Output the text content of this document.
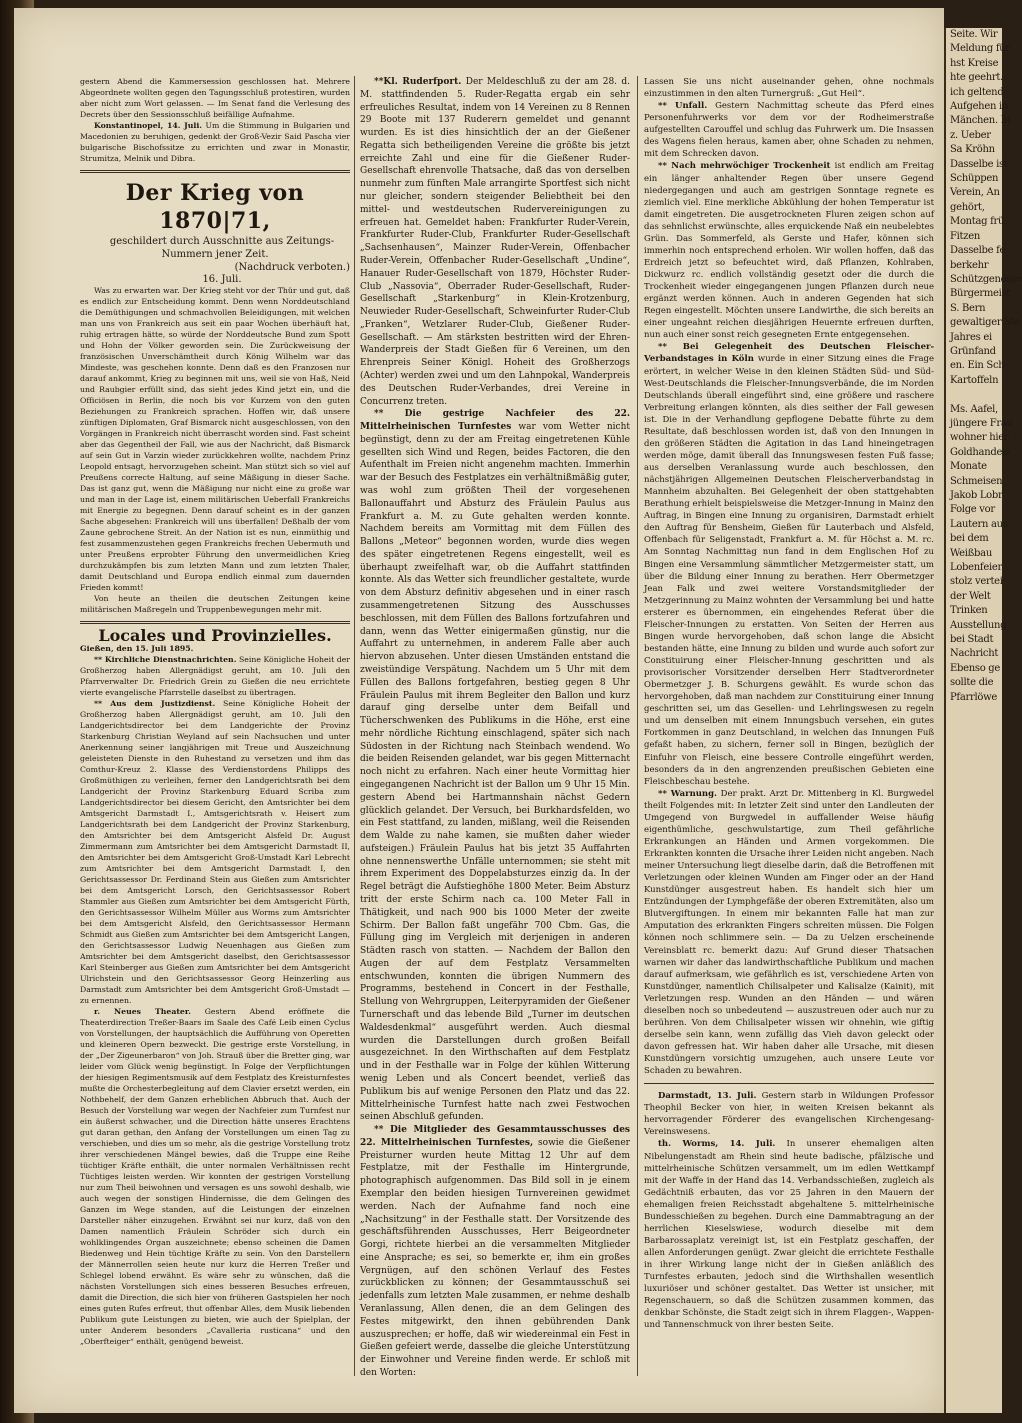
gestern Abend die Kammersession geschlossen hat. Mehrere Abgeordnete wollten gegen den Tagungsschluß protestiren, wurden aber nicht zum Wort gelassen. — Im Senat fand die Verlesung des Decrets über den Sessionsschluß beifällige Aufnahme.

Konstantinopel, 14. Juli. Um die Stimmung in Bulgarien und Macedonien zu beruhigen, gedenkt der Groß-Vezir Said Pascha vier bulgarische Bischofssitze zu errichten und zwar in Monastir, Strumitza, Melnik und Dibra.

Der Krieg von 1870|71,

geschildert durch Ausschnitte aus Zeitungs-Nummern jener Zeit.

(Nachdruck verboten.)

16. Juli.

Was zu erwarten war. Der Krieg steht vor der Thür und gut, daß es endlich zur Entscheidung kommt. Denn wenn Norddeutschland die Demüthigungen und schmachvollen Beleidigungen, mit welchen man uns von Frankreich aus seit ein paar Wochen überhäuft hat, ruhig ertragen hätte, so würde der Norddeutsche Bund zum Spott und Hohn der Völker geworden sein. Die Zurückweisung der französischen Unverschämtheit durch König Wilhelm war das Mindeste, was geschehen konnte. Denn daß es den Franzosen nur darauf ankommt, Krieg zu beginnen mit uns, weil sie von Haß, Neid und Raubgier erfüllt sind, das sieht jedes Kind jetzt ein, und die Officiösen in Berlin, die noch bis vor Kurzem von den guten Beziehungen zu Frankreich sprachen. Hoffen wir, daß unsere zünftigen Diplomaten, Graf Bismarck nicht ausgeschlossen, von den Vorgängen in Frankreich nicht überrascht worden sind. Fast scheint aber das Gegentheil der Fall, wie aus der Nachricht, daß Bismarck auf sein Gut in Varzin wieder zurückkehren wollte, nachdem Prinz Leopold entsagt, hervorzugehen scheint. Man stützt sich so viel auf Preußens correcte Haltung, auf seine Mäßigung in dieser Sache. Das ist ganz gut, wenn die Mäßigung nur nicht eine zu große war und man in der Lage ist, einem militärischen Ueberfall Frankreichs mit Energie zu begegnen. Denn darauf scheint es in der ganzen Sache abgesehen: Frankreich will uns überfallen! Deßhalb der vom Zaune gebrochene Streit. An der Nation ist es nun, einmüthig und fest zusammenzustehen gegen Frankreichs frechen Uebermuth und unter Preußens erprobter Führung den unvermeidlichen Krieg durchzukämpfen bis zum letzten Mann und zum letzten Thaler, damit Deutschland und Europa endlich einmal zum dauernden Frieden kommt!

Von heute an theilen die deutschen Zeitungen keine militärischen Maßregeln und Truppenbewegungen mehr mit.

Locales und Provinzielles.

Gießen, den 15. Juli 1895.

** Kirchliche Dienstnachrichten. Seine Königliche Hoheit der Großherzog haben Allergnädigst geruht, am 10. Juli den Pfarrverwalter Dr. Friedrich Grein zu Gießen die neu errichtete vierte evangelische Pfarrstelle daselbst zu übertragen.

** Aus dem Justizdienst. Seine Königliche Hoheit der Großherzog haben Allergnädigst geruht, am 10. Juli den Landgerichtsdirector bei dem Landgerichte der Provinz Starkenburg Christian Weyland auf sein Nachsuchen und unter Anerkennung seiner langjährigen mit Treue und Auszeichnung geleisteten Dienste in den Ruhestand zu versetzen und ihm das Comthur-Kreuz 2. Klasse des Verdienstordens Philipps des Großmüthigen zu verleihen, ferner den Landgerichtsrath bei dem Landgericht der Provinz Starkenburg Eduard Scriba zum Landgerichtsdirector bei diesem Gericht, den Amtsrichter bei dem Amtsgericht Darmstadt I., Amtsgerichtsrath v. Heisert zum Landgerichtsrath bei dem Landgericht der Provinz Starkenburg, den Amtsrichter bei dem Amtsgericht Alsfeld Dr. August Zimmermann zum Amtsrichter bei dem Amtsgericht Darmstadt II, den Amtsrichter bei dem Amtsgericht Groß-Umstadt Karl Lebrecht zum Amtsrichter bei dem Amtsgericht Darmstadt I, den Gerichtsassessor Dr. Ferdinand Stein aus Gießen zum Amtsrichter bei dem Amtsgericht Lorsch, den Gerichtsassessor Robert Stammler aus Gießen zum Amtsrichter bei dem Amtsgericht Fürth, den Gerichtsassessor Wilhelm Müller aus Worms zum Amtsrichter bei dem Amtsgericht Alsfeld, den Gerichtsassessor Hermann Schmidt aus Gießen zum Amtsrichter bei dem Amtsgericht Langen, den Gerichtsassessor Ludwig Neuenhagen aus Gießen zum Amtsrichter bei dem Amtsgericht daselbst, den Gerichtsassessor Karl Steinberger aus Gießen zum Amtsrichter bei dem Amtsgericht Ulrichstein und den Gerichtsassessor Georg Heinzerling aus Darmstadt zum Amtsrichter bei dem Amtsgericht Groß-Umstadt — zu ernennen.

r. Neues Theater. Gestern Abend eröffnete die Theaterdirection Treßer-Baars im Saale des Café Leib einen Cyclus von Vorstellungen, der hauptsächlich die Aufführung von Operetten und kleineren Opern bezweckt. Die gestrige erste Vorstellung, in der „Der Zigeunerbaron“ von Joh. Strauß über die Bretter ging, war leider vom Glück wenig begünstigt. In Folge der Verpflichtungen der hiesigen Regimentsmusik auf dem Festplatz des Kreisturnfestes mußte die Orchesterbegleitung auf dem Clavier ersetzt werden, ein Nothbehelf, der dem Ganzen erheblichen Abbruch that. Auch der Besuch der Vorstellung war wegen der Nachfeier zum Turnfest nur ein äußerst schwacher, und die Direction hätte unseres Erachtens gut daran gethan, den Anfang der Vorstellungen um einen Tag zu verschieben, und dies um so mehr, als die gestrige Vorstellung trotz ihrer verschiedenen Mängel bewies, daß die Truppe eine Reihe tüchtiger Kräfte enthält, die unter normalen Verhältnissen recht Tüchtiges leisten werden. Wir konnten der gestrigen Vorstellung nur zum Theil beiwohnen und versagen es uns sowohl deshalb, wie auch wegen der sonstigen Hindernisse, die dem Gelingen des Ganzen im Wege standen, auf die Leistungen der einzelnen Darsteller näher einzugehen. Erwähnt sei nur kurz, daß von den Damen namentlich Fräulein Schröder sich durch ein wohlklingendes Organ auszeichnete; ebenso scheinen die Damen Biedenweg und Hein tüchtige Kräfte zu sein. Von den Darstellern der Männerrollen seien heute nur kurz die Herren Treßer und Schlegel lobend erwähnt. Es wäre sehr zu wünschen, daß die nächsten Vorstellungen sich eines besseren Besuches erfreuen, damit die Direction, die sich hier von früheren Gastspielen her noch eines guten Rufes erfreut, thut offenbar Alles, dem Musik liebenden Publikum gute Leistungen zu bieten, wie auch der Spielplan, der unter Anderem besonders „Cavalleria rusticana“ und den „Oberfteiger“ enthält, genügend beweist.

**Kl. Ruderfport. Der Meldeschluß zu der am 28. d. M. stattfindenden 5. Ruder-Regatta ergab ein sehr erfreuliches Resultat, indem von 14 Vereinen zu 8 Rennen 29 Boote mit 137 Ruderern gemeldet und genannt wurden. Es ist dies hinsichtlich der an der Gießener Regatta sich betheiligenden Vereine die größte bis jetzt erreichte Zahl und eine für die Gießener Ruder-Gesellschaft ehrenvolle Thatsache, daß das von derselben nunmehr zum fünften Male arrangirte Sportfest sich nicht nur gleicher, sondern steigender Beliebtheit bei den mittel- und westdeutschen Rudervereinigungen zu erfreuen hat. Gemeldet haben: Frankfurter Ruder-Verein, Frankfurter Ruder-Club, Frankfurter Ruder-Gesellschaft „Sachsenhausen“, Mainzer Ruder-Verein, Offenbacher Ruder-Verein, Offenbacher Ruder-Gesellschaft „Undine“, Hanauer Ruder-Gesellschaft von 1879, Höchster Ruder-Club „Nassovia“, Oberrader Ruder-Gesellschaft, Ruder-Gesellschaft „Starkenburg“ in Klein-Krotzenburg, Neuwieder Ruder-Gesellschaft, Schweinfurter Ruder-Club „Franken“, Wetzlarer Ruder-Club, Gießener Ruder-Gesellschaft. — Am stärksten bestritten wird der Ehren-Wanderpreis der Stadt Gießen für 6 Vereinen, um den Ehrenpreis Seiner Königl. Hoheit des Großherzogs (Achter) werden zwei und um den Lahnpokal, Wanderpreis des Deutschen Ruder-Verbandes, drei Vereine in Concurrenz treten.

** Die gestrige Nachfeier des 22. Mittelrheinischen Turnfestes war vom Wetter nicht begünstigt, denn zu der am Freitag eingetretenen Kühle gesellten sich Wind und Regen, beides Factoren, die den Aufenthalt im Freien nicht angenehm machten. Immerhin war der Besuch des Festplatzes ein verhältnißmäßig guter, was wohl zum größten Theil der vorgesehenen Ballonauffahrt und Absturz des Fräulein Paulus aus Frankfurt a. M. zu Gute gehalten werden konnte. Nachdem bereits am Vormittag mit dem Füllen des Ballons „Meteor“ begonnen worden, wurde dies wegen des später eingetretenen Regens eingestellt, weil es überhaupt zweifelhaft war, ob die Auffahrt stattfinden konnte. Als das Wetter sich freundlicher gestaltete, wurde von dem Absturz definitiv abgesehen und in einer rasch zusammengetretenen Sitzung des Ausschusses beschlossen, mit dem Füllen des Ballons fortzufahren und dann, wenn das Wetter einigermaßen günstig, nur die Auffahrt zu unternehmen, in anderem Falle aber auch hiervon abzusehen. Unter diesen Umständen entstand die zweistündige Verspätung. Nachdem um 5 Uhr mit dem Füllen des Ballons fortgefahren, bestieg gegen 8 Uhr Fräulein Paulus mit ihrem Begleiter den Ballon und kurz darauf ging derselbe unter dem Beifall und Tücherschwenken des Publikums in die Höhe, erst eine mehr nördliche Richtung einschlagend, später sich nach Südosten in der Richtung nach Steinbach wendend. Wo die beiden Reisenden gelandet, war bis gegen Mitternacht noch nicht zu erfahren. Nach einer heute Vormittag hier eingegangenen Nachricht ist der Ballon um 9 Uhr 15 Min. gestern Abend bei Hartmannshain nächst Gedern glücklich gelandet. Der Versuch, bei Burkhardsfelden, wo ein Fest stattfand, zu landen, mißlang, weil die Reisenden dem Walde zu nahe kamen, sie mußten daher wieder aufsteigen.) Fräulein Paulus hat bis jetzt 35 Auffahrten ohne nennenswerthe Unfälle unternommen; sie steht mit ihrem Experiment des Doppelabsturzes einzig da. In der Regel beträgt die Aufstieghöhe 1800 Meter. Beim Absturz tritt der erste Schirm nach ca. 100 Meter Fall in Thätigkeit, und nach 900 bis 1000 Meter der zweite Schirm. Der Ballon faßt ungefähr 700 Cbm. Gas, die Füllung ging im Vergleich mit derjenigen in anderen Städten rasch von statten. — Nachdem der Ballon den Augen der auf dem Festplatz Versammelten entschwunden, konnten die übrigen Nummern des Programms, bestehend in Concert in der Festhalle, Stellung von Wehrgruppen, Leiterpyramiden der Gießener Turnerschaft und das lebende Bild „Turner im deutschen Waldesdenkmal“ ausgeführt werden. Auch diesmal wurden die Darstellungen durch großen Beifall ausgezeichnet. In den Wirthschaften auf dem Festplatz und in der Festhalle war in Folge der kühlen Witterung wenig Leben und als Concert beendet, verließ das Publikum bis auf wenige Personen den Platz und das 22. Mittelrheinische Turnfest hatte nach zwei Festwochen seinen Abschluß gefunden.

** Die Mitglieder des Gesammtausschusses des 22. Mittelrheinischen Turnfestes, sowie die Gießener Preisturner wurden heute Mittag 12 Uhr auf dem Festplatze, mit der Festhalle im Hintergrunde, photographisch aufgenommen. Das Bild soll in je einem Exemplar den beiden hiesigen Turnvereinen gewidmet werden. Nach der Aufnahme fand noch eine „Nachsitzung“ in der Festhalle statt. Der Vorsitzende des geschäftsführenden Ausschusses, Herr Beigeordneter Gorgi, richtete hierbei an die versammelten Mitglieder eine Ansprache; es sei, so bemerkte er, ihm ein großes Vergnügen, auf den schönen Verlauf des Festes zurückblicken zu können; der Gesammtausschuß sei jedenfalls zum letzten Male zusammen, er nehme deshalb Veranlassung, Allen denen, die an dem Gelingen des Festes mitgewirkt, den ihnen gebührenden Dank auszusprechen; er hoffe, daß wir wiedereinmal ein Fest in Gießen gefeiert werde, dasselbe die gleiche Unterstützung der Einwohner und Vereine finden werde. Er schloß mit den Worten:

Lassen Sie uns nicht auseinander gehen, ohne nochmals einzustimmen in den alten Turnergruß: „Gut Heil“.

** Unfall. Gestern Nachmittag scheute das Pferd eines Personenfuhrwerks vor dem vor der Rodheimerstraße aufgestellten Carouffel und schlug das Fuhrwerk um. Die Insassen des Wagens fielen heraus, kamen aber, ohne Schaden zu nehmen, mit dem Schrecken davon.

** Nach mehrwöchiger Trockenheit ist endlich am Freitag ein länger anhaltender Regen über unsere Gegend niedergegangen und auch am gestrigen Sonntage regnete es ziemlich viel. Eine merkliche Abkühlung der hohen Temperatur ist damit eingetreten. Die ausgetrockneten Fluren zeigen schon auf das sehnlichst erwünschte, alles erquickende Naß ein neubelebtes Grün. Das Sommerfeld, als Gerste und Hafer, können sich immerhin noch entsprechend erholen. Wir wollen hoffen, daß das Erdreich jetzt so befeuchtet wird, daß Pflanzen, Kohlraben, Dickwurz rc. endlich vollständig gesetzt oder die durch die Trockenheit wieder eingegangenen jungen Pflanzen durch neue ergänzt werden können. Auch in anderen Gegenden hat sich Regen eingestellt. Möchten unsere Landwirthe, die sich bereits an einer ungeahnt reichen diesjährigen Heuernte erfreuen durften, nun auch einer sonst reich gesegneten Ernte entgegensehen.

** Bei Gelegenheit des Deutschen Fleischer-Verbandstages in Köln wurde in einer Sitzung eines die Frage erörtert, in welcher Weise in den kleinen Städten Süd- und Süd-West-Deutschlands die Fleischer-Innungsverbände, die im Norden Deutschlands überall eingeführt sind, eine größere und raschere Verbreitung erlangen könnten, als dies seither der Fall gewesen ist. Die in der Verhandlung gepflogene Debatte führte zu dem Resultate, daß beschlossen worden ist, daß von den Innungen in den größeren Städten die Agitation in das Land hineingetragen werden möge, damit überall das Innungswesen festen Fuß fasse; aus derselben Veranlassung wurde auch beschlossen, den nächstjährigen Allgemeinen Deutschen Fleischerverbandstag in Mannheim abzuhalten. Bei Gelegenheit der oben stattgehabten Berathung erhielt beispielsweise die Metzger-Innung in Mainz den Auftrag, in Bingen eine Innung zu organisiren, Darmstadt erhielt den Auftrag für Bensheim, Gießen für Lauterbach und Alsfeld, Offenbach für Seligenstadt, Frankfurt a. M. für Höchst a. M. rc. Am Sonntag Nachmittag nun fand in dem Englischen Hof zu Bingen eine Versammlung sämmtlicher Metzgermeister statt, um über die Bildung einer Innung zu berathen. Herr Obermetzger Jean Falk und zwei weitere Vorstandsmitglieder der Metzgerinnung zu Mainz wohnten der Versammlung bei und hatte ersterer es übernommen, ein eingehendes Referat über die Fleischer-Innungen zu erstatten. Von Seiten der Herren aus Bingen wurde hervorgehoben, daß schon lange die Absicht bestanden hätte, eine Innung zu bilden und wurde auch sofort zur Constituirung einer Fleischer-Innung geschritten und als provisorischer Vorsitzender derselben Herr Stadtverordneter Obermetzger J. B. Schurgens gewählt. Es wurde schon das hervorgehoben, daß man nachdem zur Constituirung einer Innung geschritten sei, um das Gesellen- und Lehrlingswesen zu regeln und um denselben mit einem Innungsbuch versehen, ein gutes Fortkommen in ganz Deutschland, in welchen das Innungen Fuß gefaßt haben, zu sichern, ferner soll in Bingen, bezüglich der Einfuhr von Fleisch, eine bessere Controlle eingeführt werden, besonders da in den angrenzenden preußischen Gebieten eine Fleischbeschau bestehe.

** Warnung. Der prakt. Arzt Dr. Mittenberg in Kl. Burgwedel theilt Folgendes mit: In letzter Zeit sind unter den Landleuten der Umgegend von Burgwedel in auffallender Weise häufig eigenthümliche, geschwulstartige, zum Theil gefährliche Erkrankungen an Händen und Armen vorgekommen. Die Erkrankten konnten die Ursache ihrer Leiden nicht angeben. Nach meiner Untersuchung liegt dieselbe darin, daß die Betroffenen mit Verletzungen oder kleinen Wunden am Finger oder an der Hand Kunstdünger ausgestreut haben. Es handelt sich hier um Entzündungen der Lymphgefäße der oberen Extremitäten, also um Blutvergiftungen. In einem mir bekannten Falle hat man zur Amputation des erkrankten Fingers schreiten müssen. Die Folgen können noch schlimmere sein. — Da zu Uelzen erscheinende Vereinsblatt rc. bemerkt dazu: Auf Grund dieser Thatsachen warnen wir daher das landwirthschaftliche Publikum und machen darauf aufmerksam, wie gefährlich es ist, verschiedene Arten von Kunstdünger, namentlich Chilisalpeter und Kalisalze (Kainit), mit Verletzungen resp. Wunden an den Händen — und wären dieselben noch so unbedeutend — auszustreuen oder auch nur zu berühren. Von dem Chilisalpeter wissen wir ohnehin, wie giftig derselbe sein kann, wenn zufällig das Vieh davon geleckt oder davon gefressen hat. Wir haben daher alle Ursache, mit diesen Kunstdüngern vorsichtig umzugehen, auch unsere Leute vor Schaden zu bewahren.

Darmstadt, 13. Juli. Gestern starb in Wildungen Professor Theophil Becker von hier, in weiten Kreisen bekannt als hervorragender Förderer des evangelischen Kirchengesang-Vereinswesens.

th. Worms, 14. Juli. In unserer ehemaligen alten Nibelungenstadt am Rhein sind heute badische, pfälzische und mittelrheinische Schützen versammelt, um im edlen Wettkampf mit der Waffe in der Hand das 14. Verbandsschießen, zugleich als Gedächtniß erbauten, das vor 25 Jahren in den Mauern der ehemaligen freien Reichsstadt abgehaltene 5. mittelrheinische Bundesschießen zu begehen. Durch eine Dammabtragung an der herrlichen Kieselswiese, wodurch dieselbe mit dem Barbarossaplatz vereinigt ist, ist ein Festplatz geschaffen, der allen Anforderungen genügt. Zwar gleicht die errichtete Festhalle in ihrer Wirkung lange nicht der in Gießen anläßlich des Turnfestes erbauten, jedoch sind die Wirthshallen wesentlich luxuriöser und schöner gestaltet. Das Wetter ist unsicher, mit Regenschauern, so daß die Schützen zusammen kommen, das denkbar Schönste, die Stadt zeigt sich in ihrem Flaggen-, Wappen- und Tannenschmuck von ihrer besten Seite.

Seite. Wir

Meldung für

hst Kreise

hte geehrt.

ich geltend

Aufgehen in

Mänchen. In

z. Ueber

Sa Kröhn

Dasselbe ist

Schüppen

Verein, An

gehört,

Montag frü

Fitzen

Dasselbe fe

berkehr

Schützgenosse

Bürgermeist

S. Bern

gewaltiger Ste

Jahres ei

Grünfand

en. Ein Sch

Kartoffeln

Ms. Aafel,

jüngere Frau

wohner hier

Goldhandels

Monate

Schmeisen

Jakob Lobr

Folge vor

Lautern aus

bei dem

Weißbau

Lobenfeier

stolz vertei

der Welt

Trinken

Ausstellung

bei Stadt

Nachricht

Ebenso ge

sollte die

Pfarrlöwe
